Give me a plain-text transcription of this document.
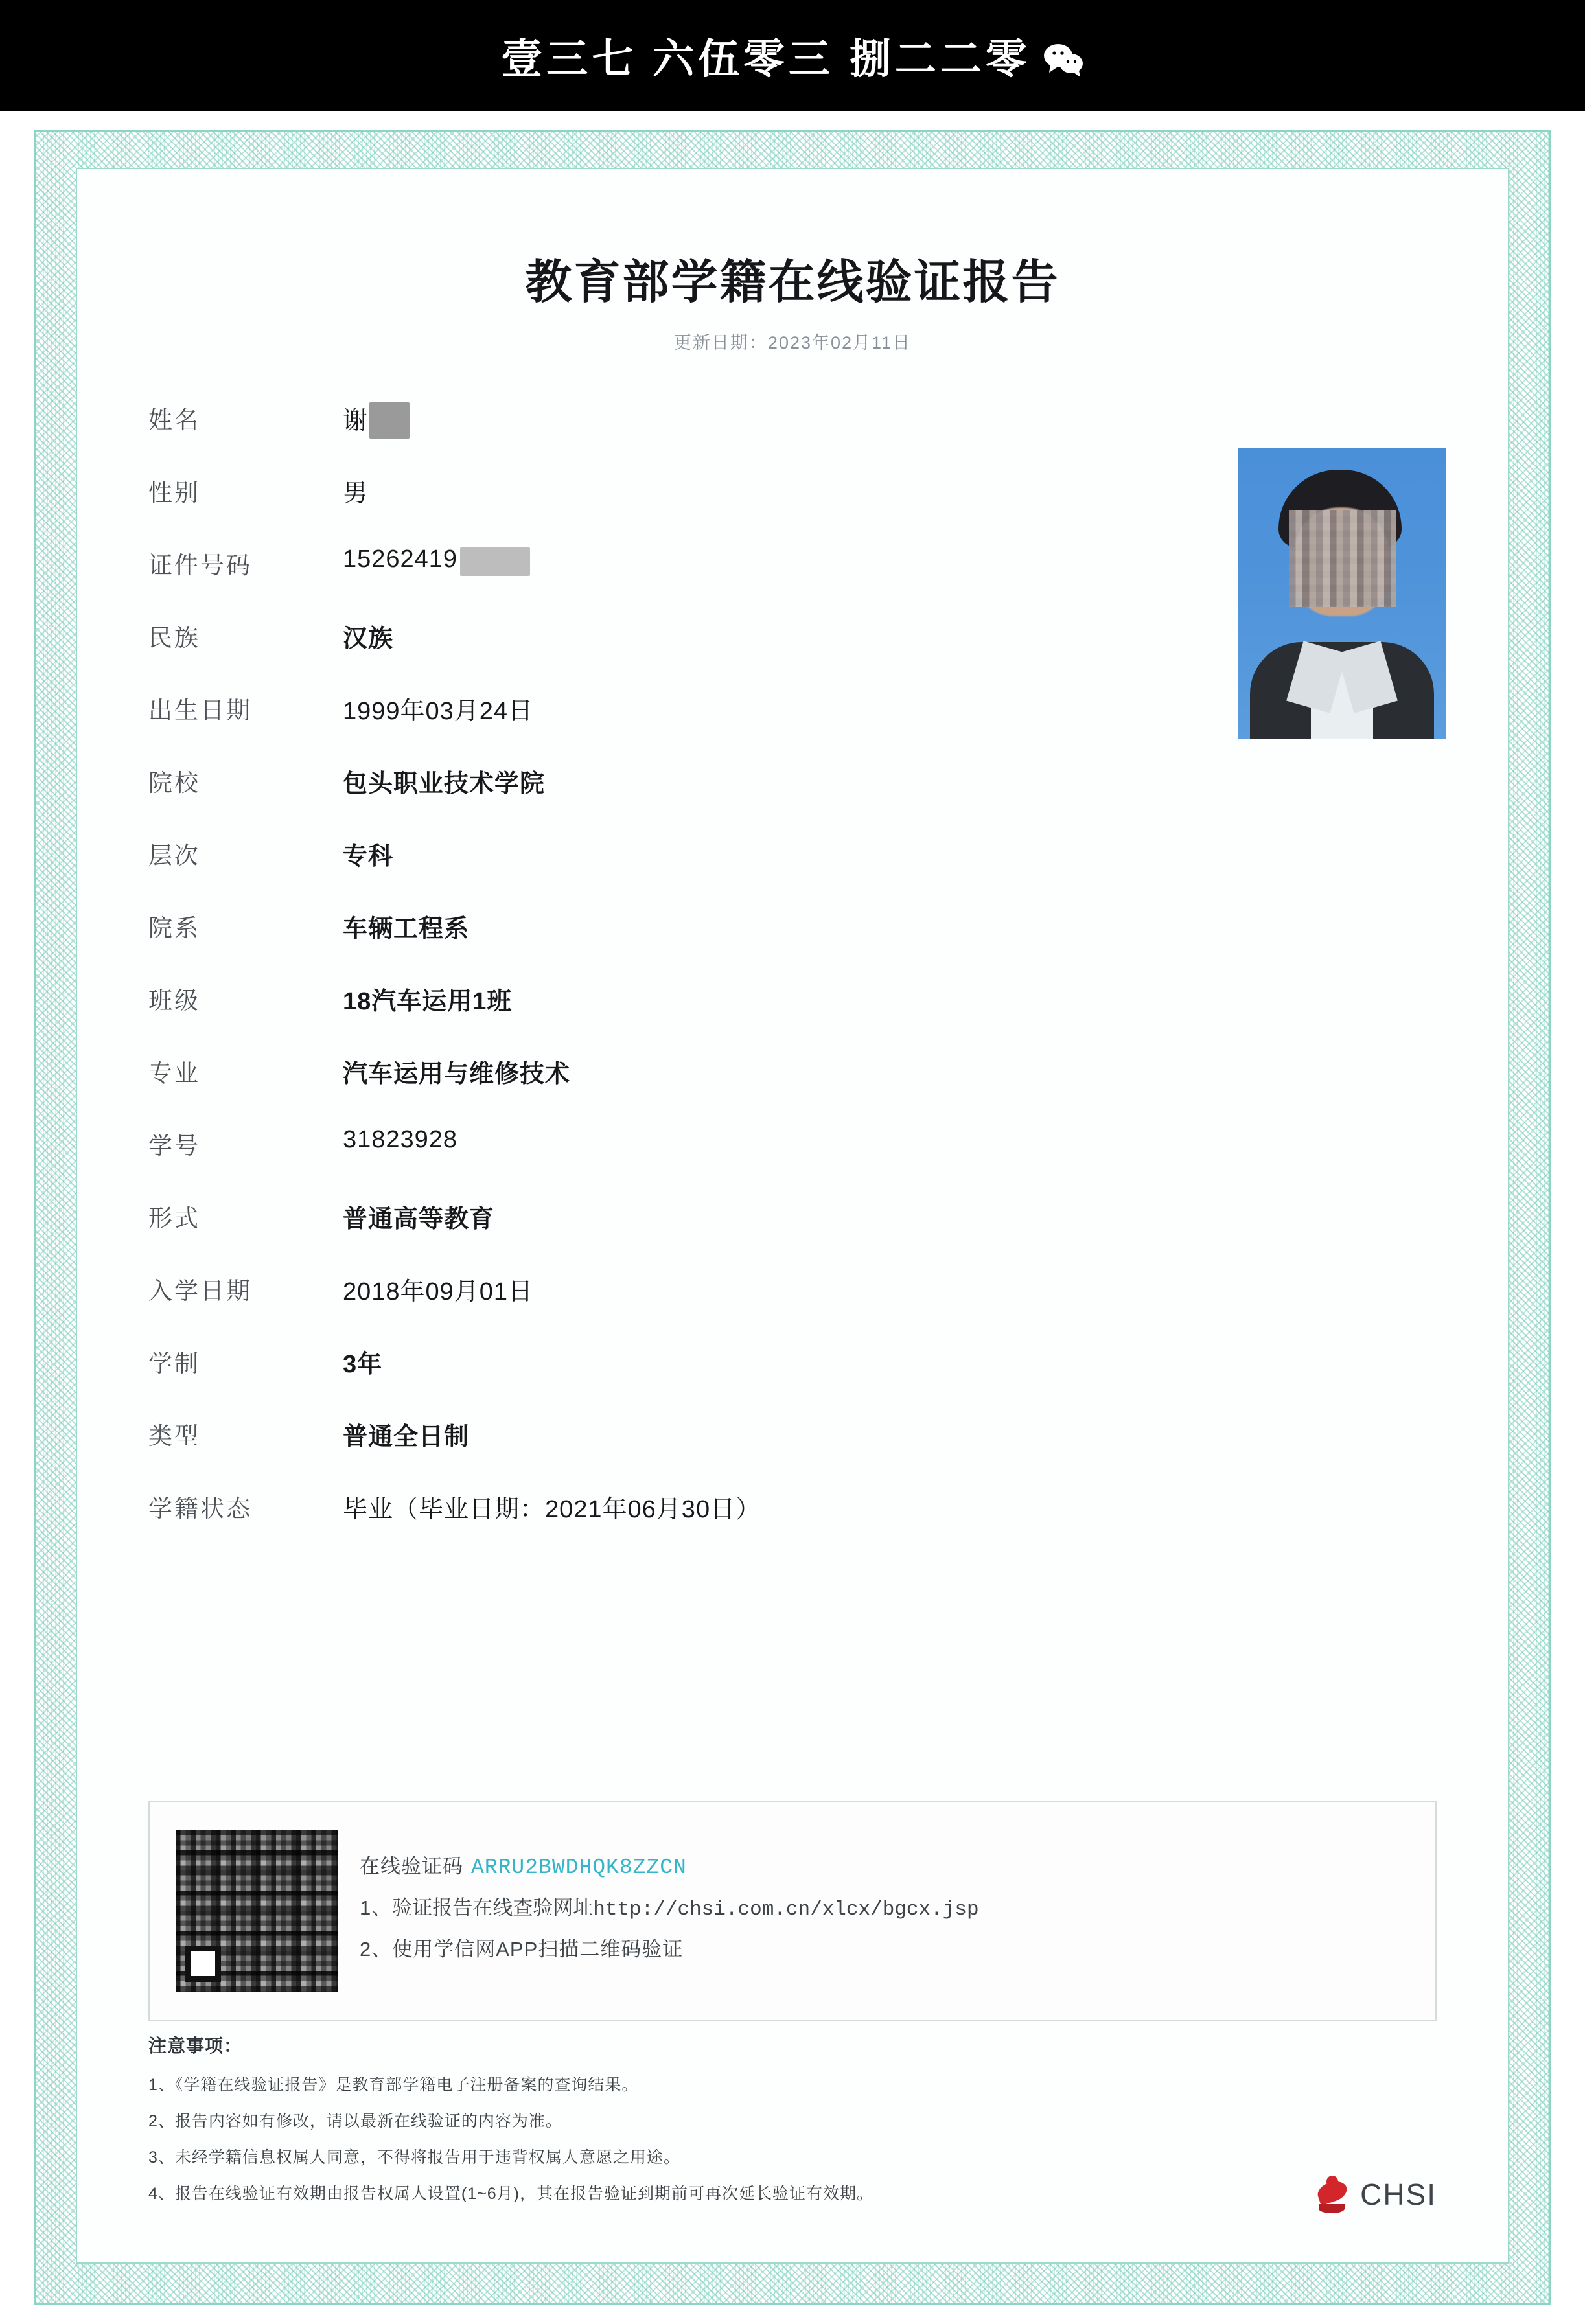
壹三七 六伍零三 捌二二零
教育部学籍在线验证报告
更新日期：2023年02月11日
姓名	谢
性别	男
证件号码	15262419
民族	汉族
出生日期	1999年03月24日
院校	包头职业技术学院
层次	专科
院系	车辆工程系
班级	18汽车运用1班
专业	汽车运用与维修技术
学号	31823928
形式	普通高等教育
入学日期	2018年09月01日
学制	3年
类型	普通全日制
学籍状态	毕业（毕业日期：2021年06月30日）
在线验证码 ARRU2BWDHQK8ZZCN
1、 验证报告在线查验网址http://chsi.com.cn/xlcx/bgcx.jsp
2、 使用学信网APP扫描二维码验证
注意事项：
1、《学籍在线验证报告》是教育部学籍电子注册备案的查询结果。
2、报告内容如有修改，请以最新在线验证的内容为准。
3、未经学籍信息权属人同意，不得将报告用于违背权属人意愿之用途。
4、报告在线验证有效期由报告权属人设置(1~6月)，其在报告验证到期前可再次延长验证有效期。	CHSI
